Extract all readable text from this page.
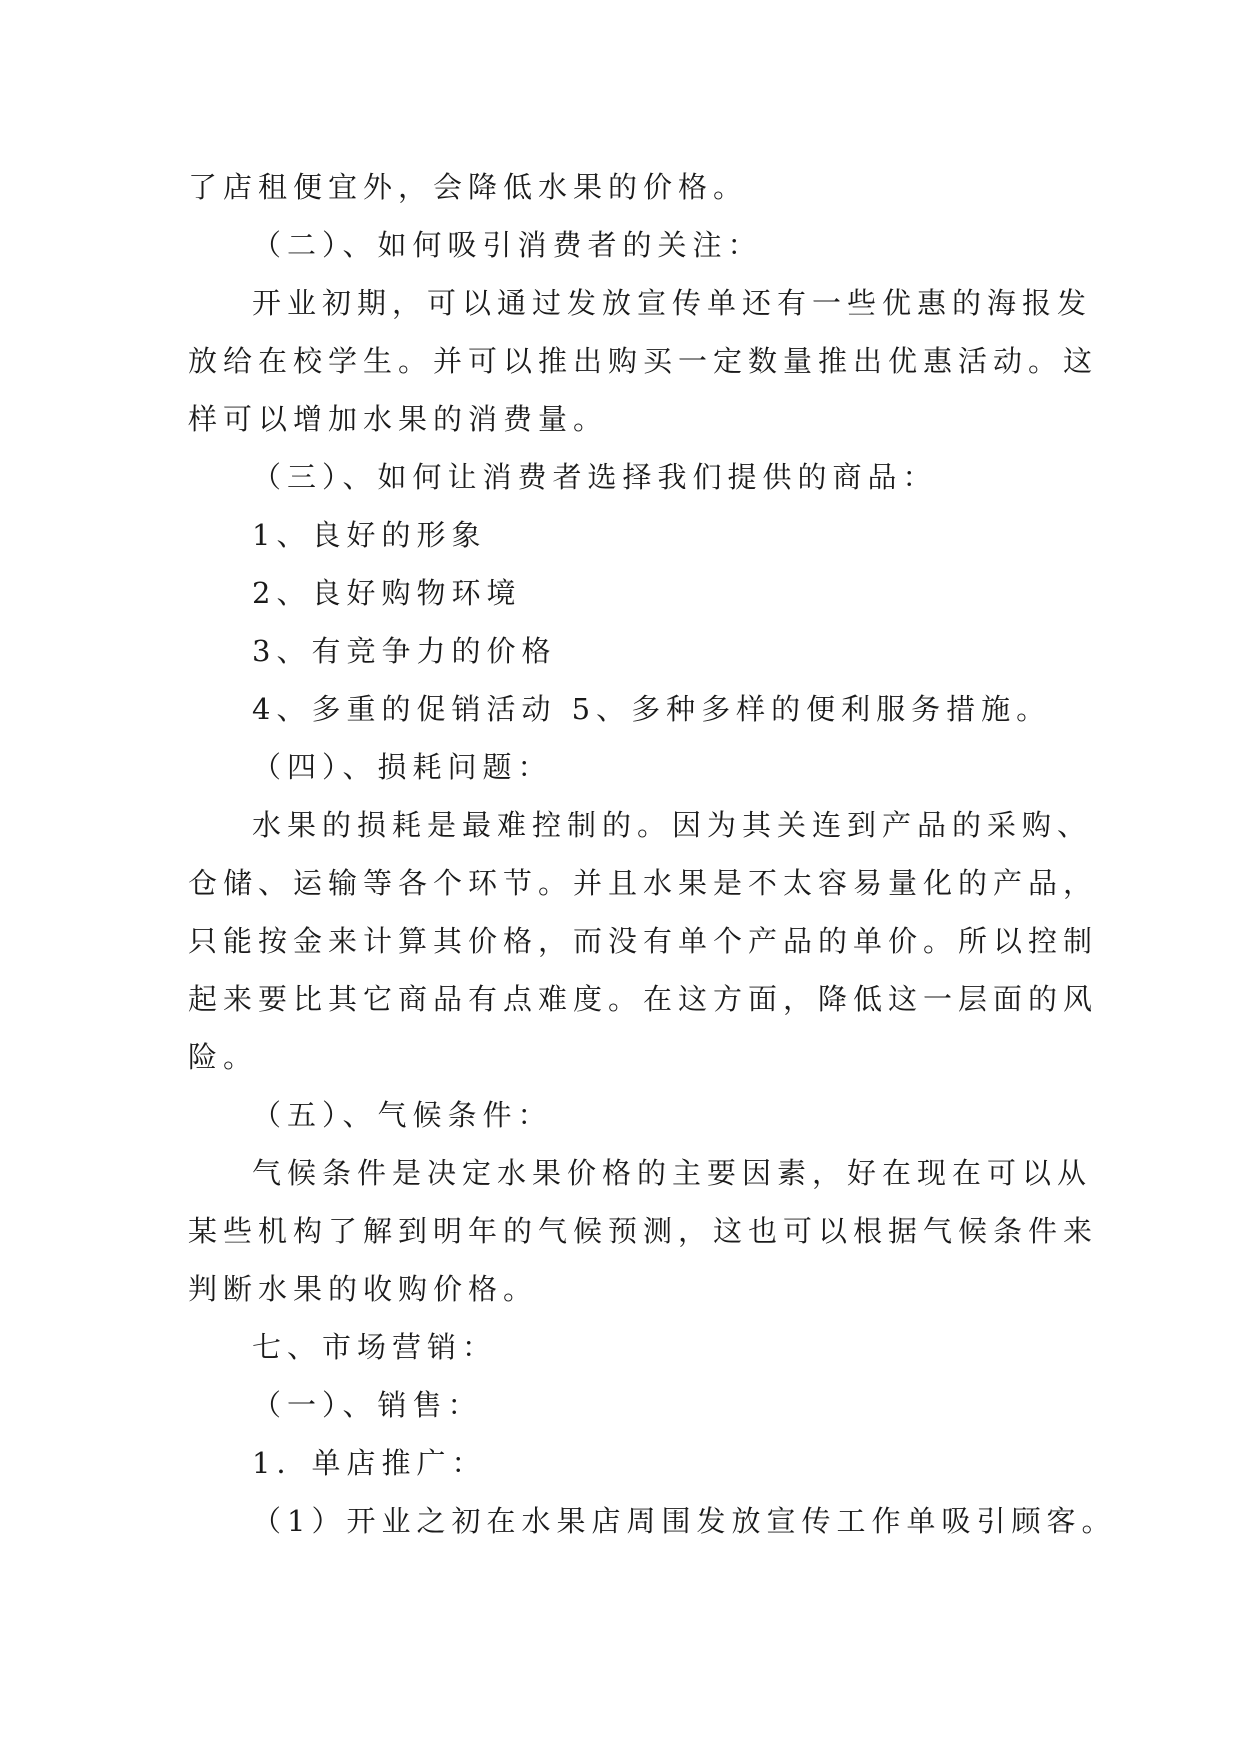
了店租便宜外，会降低水果的价格。
（二）、如何吸引消费者的关注：
开业初期，可以通过发放宣传单还有一些优惠的海报发
放给在校学生。并可以推出购买一定数量推出优惠活动。这
样可以增加水果的消费量。
（三）、如何让消费者选择我们提供的商品：
1、良好的形象
2、良好购物环境
3、有竞争力的价格
4、多重的促销活动 5、多种多样的便利服务措施。
（四）、损耗问题：
水果的损耗是最难控制的。因为其关连到产品的采购、
仓储、运输等各个环节。并且水果是不太容易量化的产品，
只能按金来计算其价格，而没有单个产品的单价。所以控制
起来要比其它商品有点难度。在这方面，降低这一层面的风
险。
（五）、气候条件：
气候条件是决定水果价格的主要因素，好在现在可以从
某些机构了解到明年的气候预测，这也可以根据气候条件来
判断水果的收购价格。
七、市场营销：
（一）、销售：
1．单店推广：
（1）开业之初在水果店周围发放宣传工作单吸引顾客。
